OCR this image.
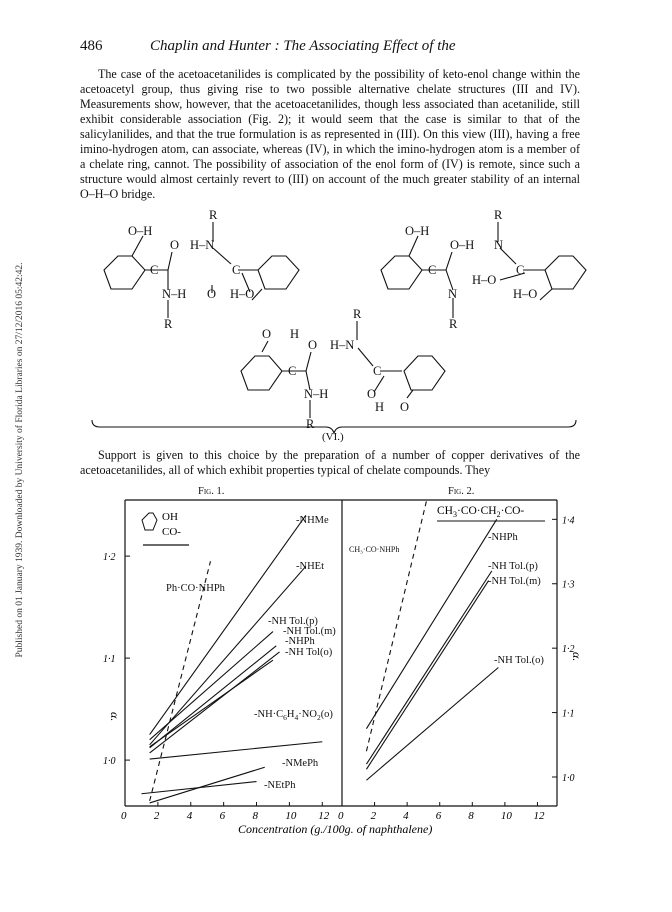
Published on 01 January 1939. Downloaded by University of Florida Libraries on 27/12/2016 05:42:42.
486	Chaplin and Hunter : The Associating Effect of the
The case of the acetoacetanilides is complicated by the possibility of keto-enol change within the acetoacetyl group, thus giving rise to two possible alternative chelate structures (III and IV). Measurements show, however, that the acetoacetanilides, though less associated than acetanilide, still exhibit considerable association (Fig. 2); it would seem that the case is similar to that of the salicylanilides, and that the true formulation is as represented in (III). On this view (III), having a free imino-hydrogen atom, can associate, whereas (IV), in which the imino-hydrogen atom is a member of a chelate ring, cannot. The possibility of association of the enol form of (IV) is remote, since such a structure would almost certainly revert to (III) on account of the much greater stability of an internal O–H–O bridge.
R
O–H
O H–N
C	C
N–H O H–O
R
R
O–H
O–H N
C	C
N
H–O
H–O
R
R
O H
O H–N
C	C
N–H	O
H O
R
(VI.)
Support is given to this choice by the preparation of a number of copper derivatives of the acetoacetanilides, all of which exhibit properties typical of chelate compounds. They
Fig. 1.	Fig. 2.
OH
CO-
$CH_3\cdot CO\cdot CH_2\cdot CO-$
0 2 4 6 8 10 12
1·0
1·1
1·2
α.
0 2 4 6 8 10 12
1·0
1·1
1·2
1·3
1·4
α.
-NHMe
-NHEt
Ph·CO·NHPh
-NH Tol.(p)
-NH Tol.(m)
-NHPh
-NH Tol(o)
$-NH\cdot C_6H_4\cdot NO_2(o)$
-NMePh
-NEtPh
CH₃·CO·NHPh
-NHPh
-NH Tol.(p)
-NH Tol.(m)
-NH Tol.(o)
Concentration (g./100g. of naphthalene)
